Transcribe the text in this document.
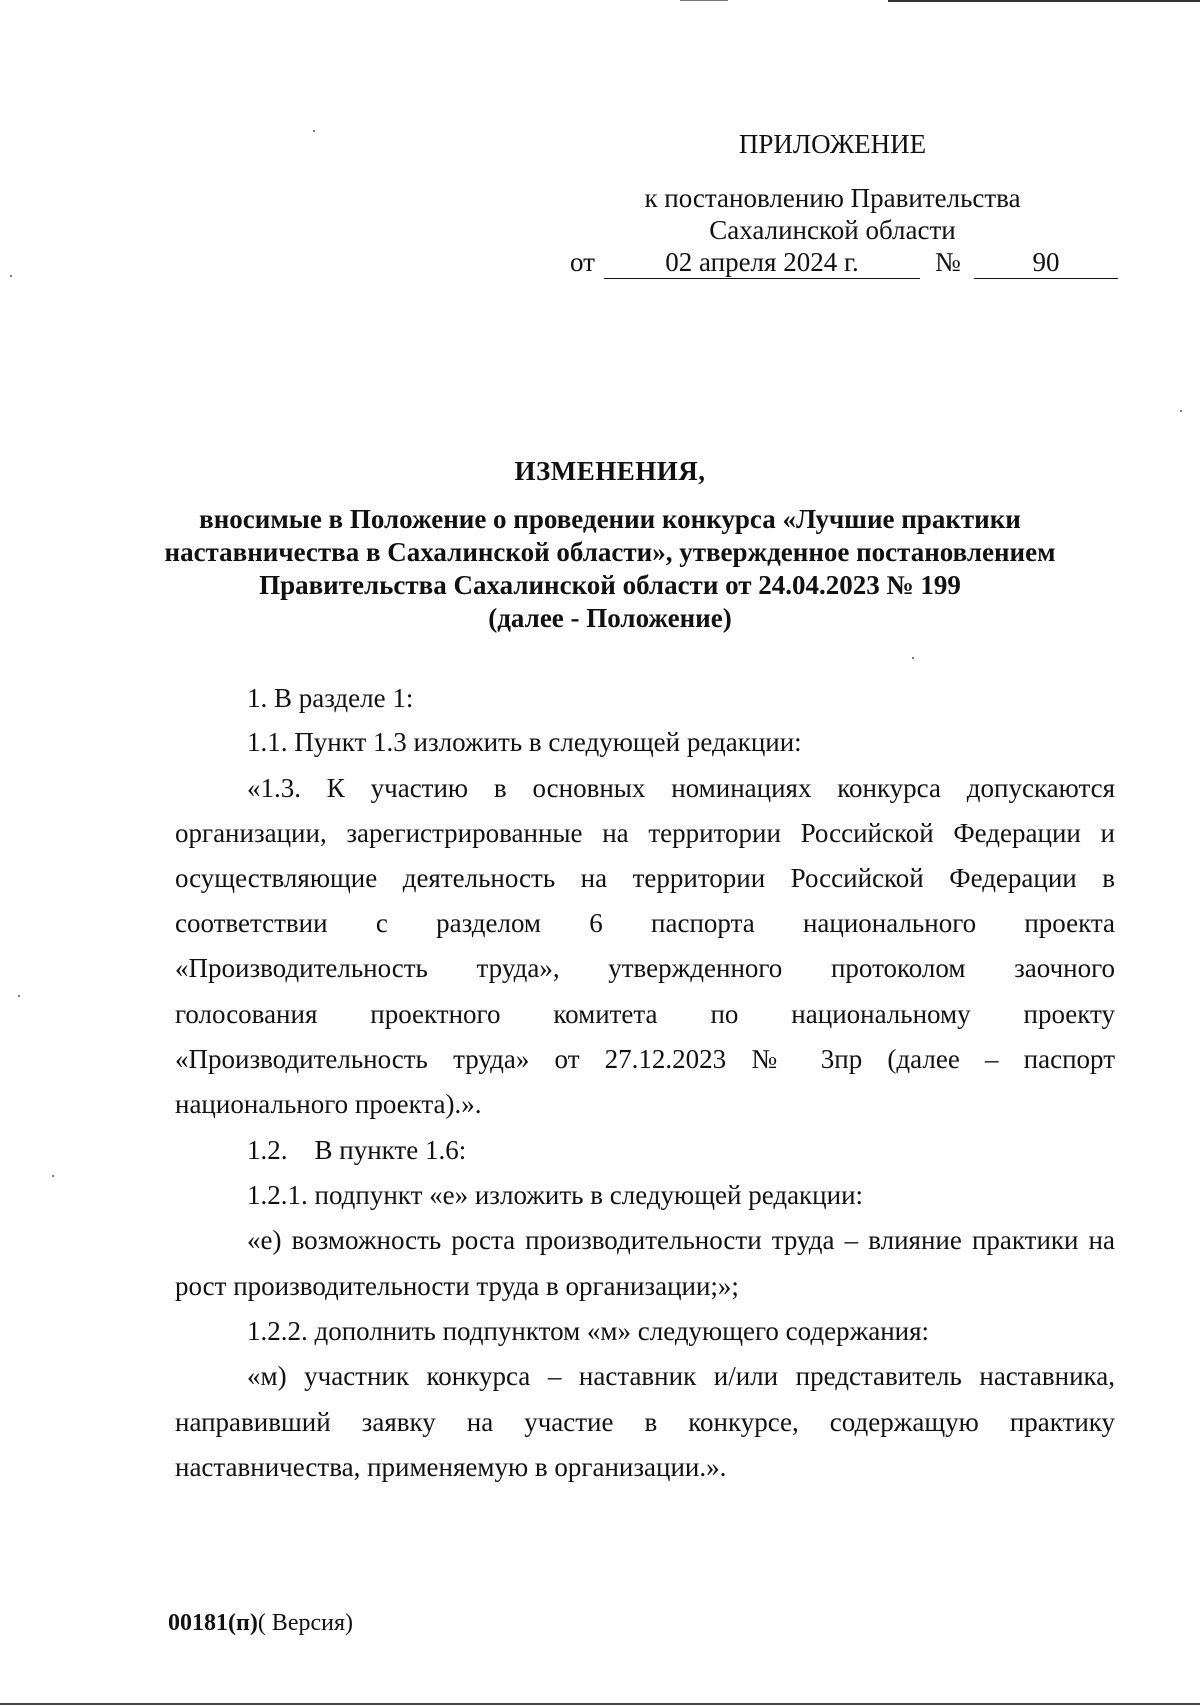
ПРИЛОЖЕНИЕ
к постановлению Правительства
Сахалинской области
от	02 апреля 2024 г.	№	90
ИЗМЕНЕНИЯ,
вносимые в Положение о проведении конкурса «Лучшие практики
наставничества в Сахалинской области», утвержденное постановлением
Правительства Сахалинской области от 24.04.2023 № 199
(далее - Положение)
1. В разделе 1:
1.1. Пункт 1.3 изложить в следующей редакции:
«1.3. К участию в основных номинациях конкурса допускаются
организации, зарегистрированные на территории Российской Федерации и
осуществляющие деятельность на территории Российской Федерации в
соответствии с разделом 6 паспорта национального проекта
«Производительность труда», утвержденного протоколом заочного
голосования проектного комитета по национальному проекту
«Производительность труда» от 27.12.2023 № 3пр (далее – паспорт
национального проекта).».
1.2.    В пункте 1.6:
1.2.1. подпункт «е» изложить в следующей редакции:
«е) возможность роста производительности труда – влияние практики на
рост производительности труда в организации;»;
1.2.2. дополнить подпунктом «м» следующего содержания:
«м) участник конкурса – наставник и/или представитель наставника,
направивший заявку на участие в конкурсе, содержащую практику
наставничества, применяемую в организации.».
00181(п)( Версия)
